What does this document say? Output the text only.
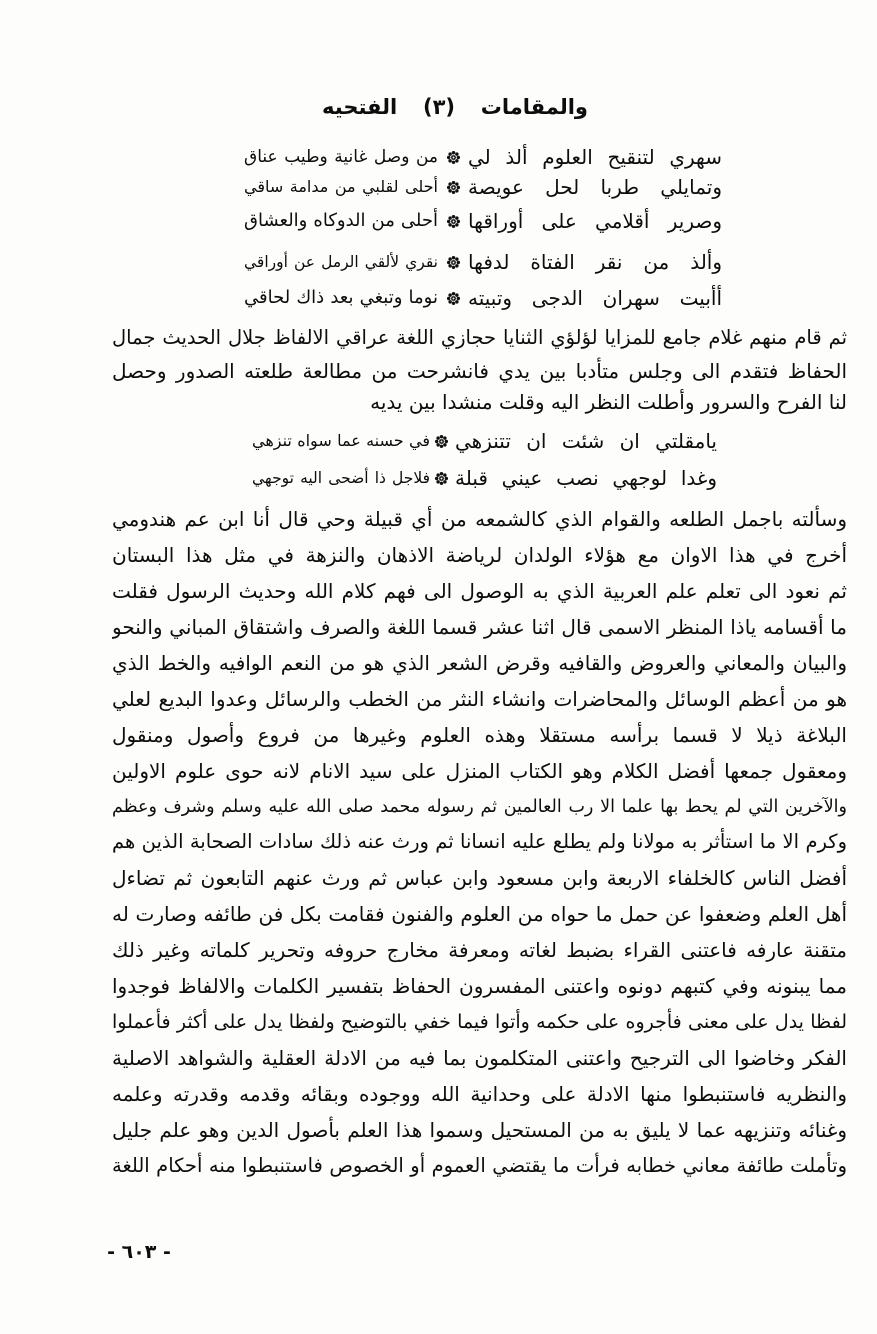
والمقامات
(٣)
الفتحيه
سهري لتنقيح العلوم ألذ لي
من وصل غانية وطيب عناق
وتمايلي طربا لحل عويصة
أحلى لقلبي من مدامة ساقي
وصرير أقلامي على أوراقها
أحلى من الدوكاه والعشاق
وألذ من نقر الفتاة لدفها
نقري لألقي الرمل عن أوراقي
أأبيت سهران الدجى وتبيته
نوما وتبغي بعد ذاك لحاقي
ثم قام منهم غلام جامع للمزايا لؤلؤي الثنايا حجازي اللغة عراقي الالفاظ جلال الحديث جمال
الحفاظ فتقدم الى وجلس متأدبا بين يدي فانشرحت من مطالعة طلعته الصدور وحصل
لنا الفرح والسرور وأطلت النظر اليه وقلت منشدا بين يديه
يامقلتي ان شئت ان تتنزهي
في حسنه عما سواه تنزهي
وغدا لوجهي نصب عيني قبلة
فلاجل ذا أضحى اليه توجهي
وسألته باجمل الطلعه والقوام الذي كالشمعه من أي قبيلة وحي قال أنا ابن عم هندومي
أخرج في هذا الاوان مع هؤلاء الولدان لرياضة الاذهان والنزهة في مثل هذا البستان
ثم نعود الى تعلم علم العربية الذي به الوصول الى فهم كلام الله وحديث الرسول فقلت
ما أقسامه ياذا المنظر الاسمى قال اثنا عشر قسما اللغة والصرف واشتقاق المباني والنحو
والبيان والمعاني والعروض والقافيه وقرض الشعر الذي هو من النعم الوافيه والخط الذي
هو من أعظم الوسائل والمحاضرات وانشاء النثر من الخطب والرسائل وعدوا البديع لعلي
البلاغة ذيلا لا قسما برأسه مستقلا وهذه العلوم وغيرها من فروع وأصول ومنقول
ومعقول جمعها أفضل الكلام وهو الكتاب المنزل على سيد الانام لانه حوى علوم الاولين
والآخرين التي لم يحط بها علما الا رب العالمين ثم رسوله محمد صلى الله عليه وسلم وشرف وعظم
وكرم الا ما استأثر به مولانا ولم يطلع عليه انسانا ثم ورث عنه ذلك سادات الصحابة الذين هم
أفضل الناس كالخلفاء الاربعة وابن مسعود وابن عباس ثم ورث عنهم التابعون ثم تضاءل
أهل العلم وضعفوا عن حمل ما حواه من العلوم والفنون فقامت بكل فن طائفه وصارت له
متقنة عارفه فاعتنى القراء بضبط لغاته ومعرفة مخارج حروفه وتحرير كلماته وغير ذلك
مما يبنونه وفي كتبهم دونوه واعتنى المفسرون الحفاظ بتفسير الكلمات والالفاظ فوجدوا
لفظا يدل على معنى فأجروه على حكمه وأتوا فيما خفي بالتوضيح ولفظا يدل على أكثر فأعملوا
الفكر وخاضوا الى الترجيح واعتنى المتكلمون بما فيه من الادلة العقلية والشواهد الاصلية
والنظريه فاستنبطوا منها الادلة على وحدانية الله ووجوده وبقائه وقدمه وقدرته وعلمه
وغنائه وتنزيهه عما لا يليق به من المستحيل وسموا هذا العلم بأصول الدين وهو علم جليل
وتأملت طائفة معاني خطابه فرأت ما يقتضي العموم أو الخصوص فاستنبطوا منه أحكام اللغة
- ٦٠٣ -
